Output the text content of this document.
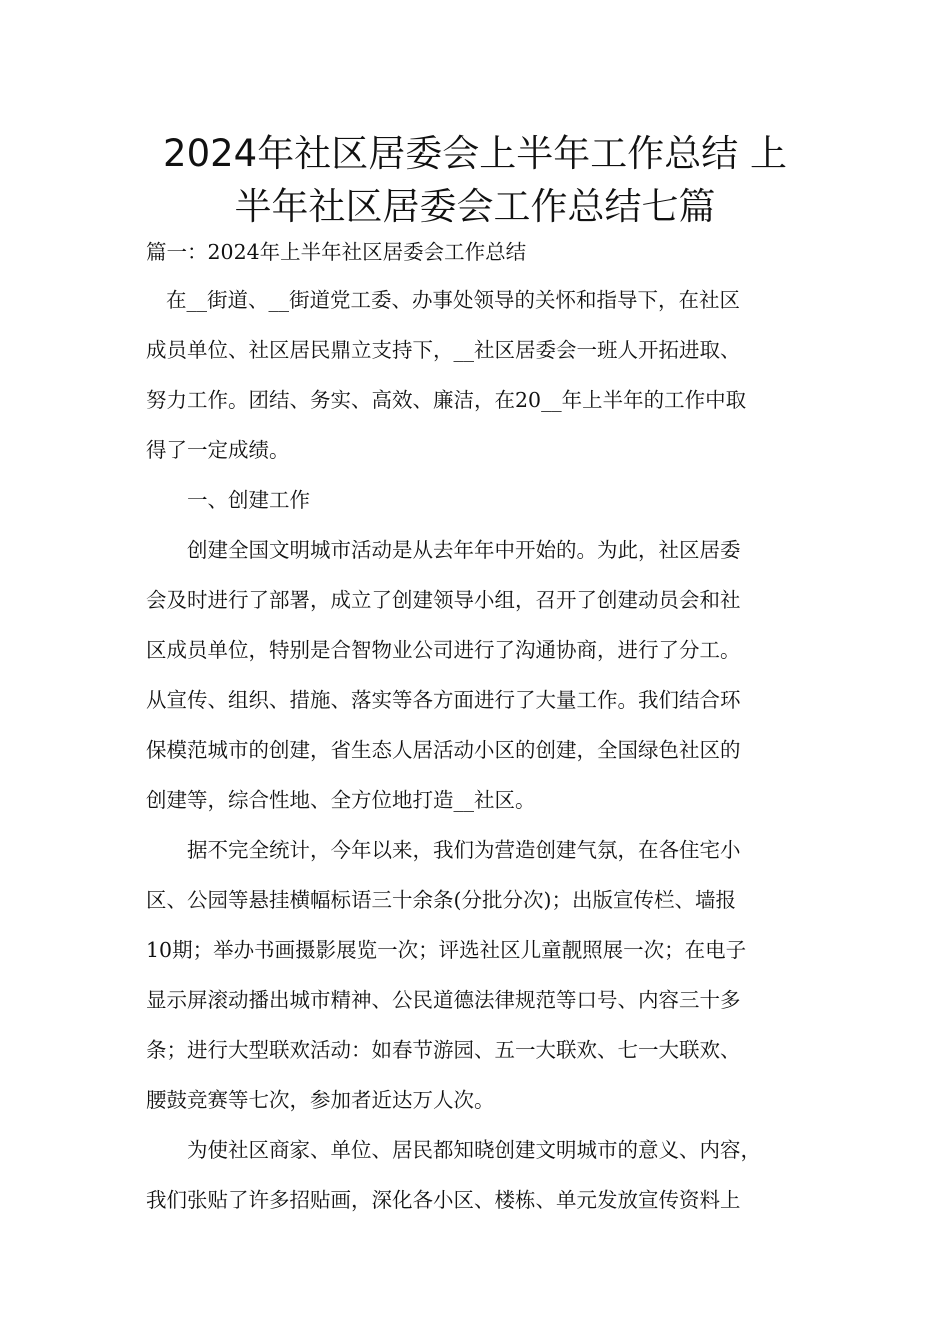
2024年社区居委会上半年工作总结 上
半年社区居委会工作总结七篇

篇一：2024年上半年社区居委会工作总结

在__街道、__街道党工委、办事处领导的关怀和指导下，在社区

成员单位、社区居民鼎立支持下，__社区居委会一班人开拓进取、

努力工作。团结、务实、高效、廉洁，在20__年上半年的工作中取

得了一定成绩。

一、创建工作

创建全国文明城市活动是从去年年中开始的。为此，社区居委

会及时进行了部署，成立了创建领导小组，召开了创建动员会和社

区成员单位，特别是合智物业公司进行了沟通协商，进行了分工。

从宣传、组织、措施、落实等各方面进行了大量工作。我们结合环

保模范城市的创建，省生态人居活动小区的创建，全国绿色社区的

创建等，综合性地、全方位地打造__社区。

据不完全统计，今年以来，我们为营造创建气氛，在各住宅小

区、公园等悬挂横幅标语三十余条(分批分次)；出版宣传栏、墙报

10期；举办书画摄影展览一次；评选社区儿童靓照展一次；在电子

显示屏滚动播出城市精神、公民道德法律规范等口号、内容三十多

条；进行大型联欢活动：如春节游园、五一大联欢、七一大联欢、

腰鼓竞赛等七次，参加者近达万人次。

为使社区商家、单位、居民都知晓创建文明城市的意义、内容，

我们张贴了许多招贴画，深化各小区、楼栋、单元发放宣传资料上
